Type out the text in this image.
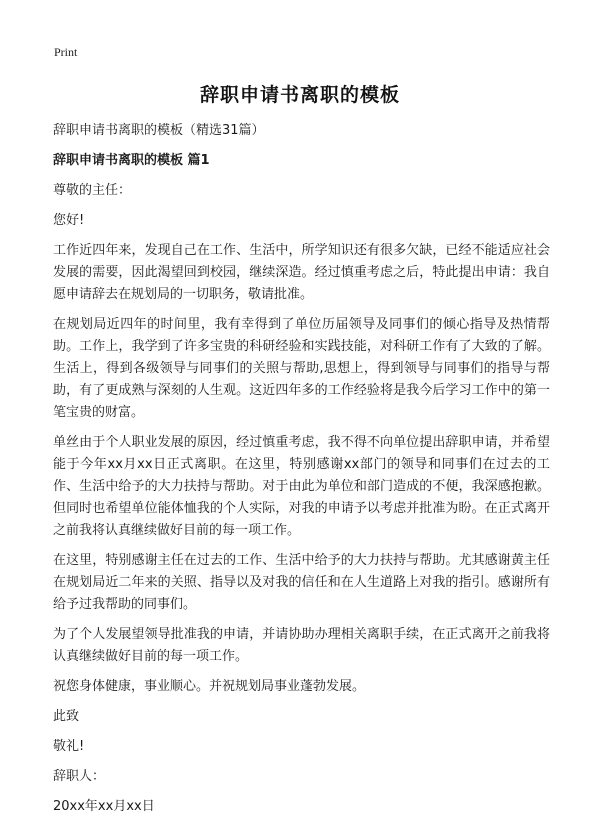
Print
辞职申请书离职的模板

辞职申请书离职的模板（精选31篇）

辞职申请书离职的模板 篇1

尊敬的主任：

您好!

工作近四年来，发现自己在工作、生活中，所学知识还有很多欠缺，已经不能适应社会发展的需要，因此渴望回到校园，继续深造。经过慎重考虑之后，特此提出申请：我自愿申请辞去在规划局的一切职务，敬请批准。

在规划局近四年的时间里，我有幸得到了单位历届领导及同事们的倾心指导及热情帮助。工作上，我学到了许多宝贵的科研经验和实践技能，对科研工作有了大致的了解。生活上，得到各级领导与同事们的关照与帮助,思想上，得到领导与同事们的指导与帮助，有了更成熟与深刻的人生观。这近四年多的工作经验将是我今后学习工作中的第一笔宝贵的财富。

单丝由于个人职业发展的原因，经过慎重考虑，我不得不向单位提出辞职申请，并希望能于今年xx月xx日正式离职。在这里，特别感谢xx部门的领导和同事们在过去的工作、生活中给予的大力扶持与帮助。对于由此为单位和部门造成的不便，我深感抱歉。但同时也希望单位能体恤我的个人实际，对我的申请予以考虑并批准为盼。在正式离开之前我将认真继续做好目前的每一项工作。

在这里，特别感谢主任在过去的工作、生活中给予的大力扶持与帮助。尤其感谢黄主任在规划局近二年来的关照、指导以及对我的信任和在人生道路上对我的指引。感谢所有给予过我帮助的同事们。

为了个人发展望领导批准我的申请，并请协助办理相关离职手续，在正式离开之前我将认真继续做好目前的每一项工作。

祝您身体健康，事业顺心。并祝规划局事业蓬勃发展。

此致

敬礼!

辞职人：

20xx年xx月xx日
